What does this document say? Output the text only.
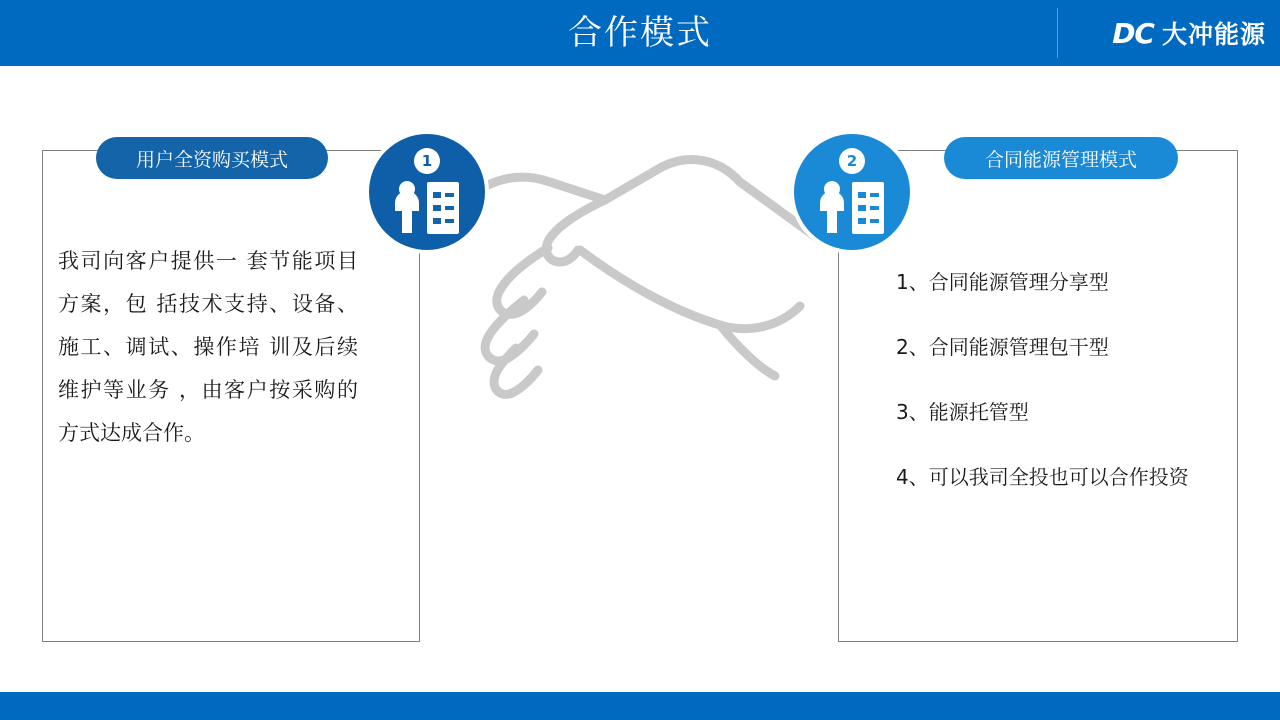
合作模式	DC 大冲能源
我司向客户提供一 套节能项目方案，包 括技术支持、设备、 施工、调试、操作培 训及后续维护等业务 ，由客户按采购的方式达成合作。
用户全资购买模式
1、合同能源管理分享型
2、合同能源管理包干型
3、能源托管型
4、可以我司全投也可以合作投资
合同能源管理模式
1	2
